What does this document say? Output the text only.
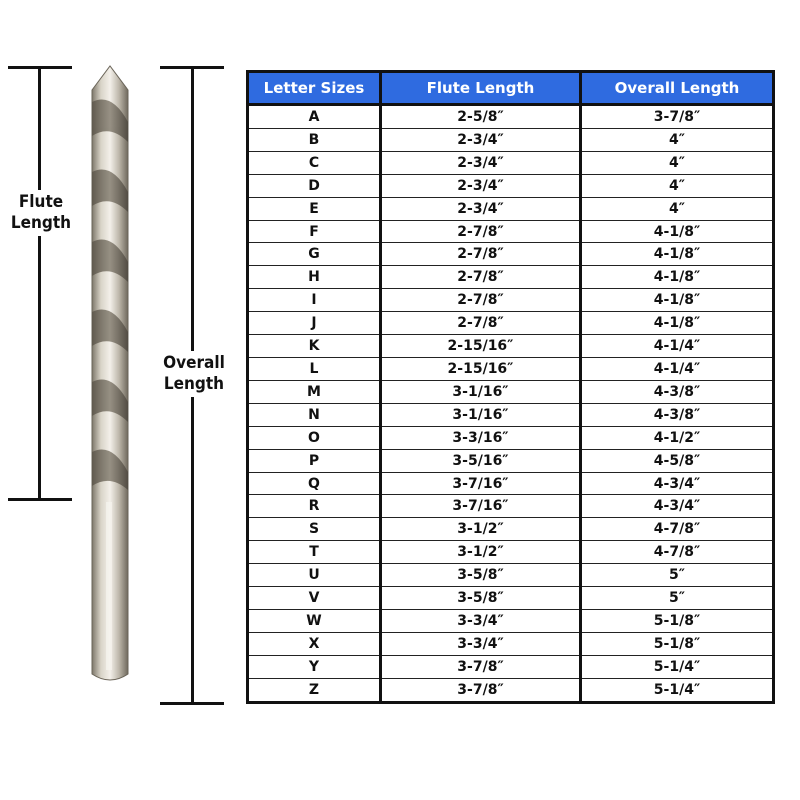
Flute Length
Overall Length
Letter Sizes	Flute Length	Overall Length
A	2-5/8″	3-7/8″
B	2-3/4″	4″
C	2-3/4″	4″
D	2-3/4″	4″
E	2-3/4″	4″
F	2-7/8″	4-1/8″
G	2-7/8″	4-1/8″
H	2-7/8″	4-1/8″
I	2-7/8″	4-1/8″
J	2-7/8″	4-1/8″
K	2-15/16″	4-1/4″
L	2-15/16″	4-1/4″
M	3-1/16″	4-3/8″
N	3-1/16″	4-3/8″
O	3-3/16″	4-1/2″
P	3-5/16″	4-5/8″
Q	3-7/16″	4-3/4″
R	3-7/16″	4-3/4″
S	3-1/2″	4-7/8″
T	3-1/2″	4-7/8″
U	3-5/8″	5″
V	3-5/8″	5″
W	3-3/4″	5-1/8″
X	3-3/4″	5-1/8″
Y	3-7/8″	5-1/4″
Z	3-7/8″	5-1/4″
